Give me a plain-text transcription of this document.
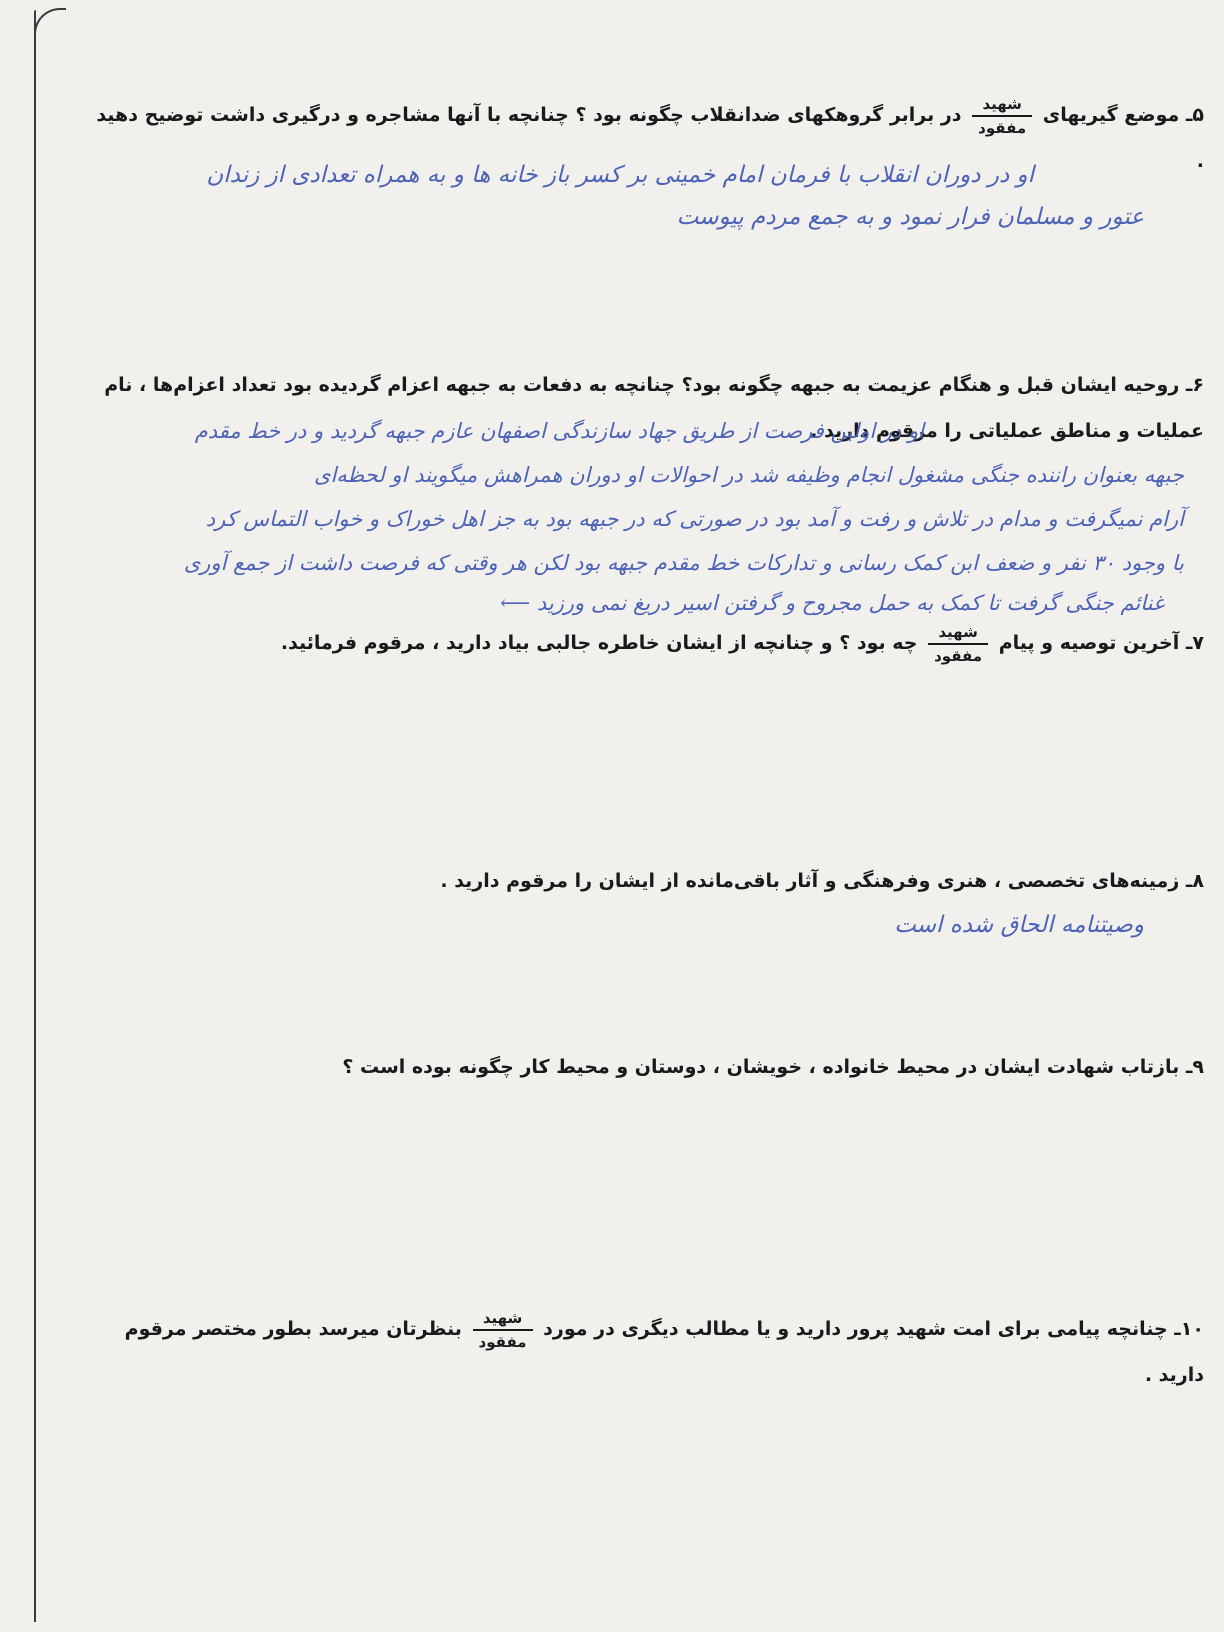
۵ـ موضع گیریهای
$\frac{\text{شهید}}{\text{مفقود}}$
در برابر گروهکهای ضدانقلاب چگونه بود ؟ چنانچه با آنها مشاجره و درگیری داشت توضیح دهید .
او در دوران انقلاب با فرمان امام خمینی بر کسر باز خانه ها و به همراه تعدادی از زندان
عتور و مسلمان فرار نمود و به جمع مردم پیوست
۶ـ روحیه ایشان قبل و هنگام عزیمت به جبهه چگونه بود؟ چنانچه به دفعات به جبهه اعزام گردیده بود تعداد اعزام‌ها ، نام عملیات و مناطق عملیاتی را مرقوم دارید .
او در اولین فرصت از طریق جهاد سازندگی اصفهان عازم جبهه گردید و در خط مقدم
جبهه بعنوان راننده جنگی مشغول انجام وظیفه شد در احوالات او دوران همراهش میگویند او لحظه‌ای
آرام نمیگرفت و مدام در تلاش و رفت و آمد بود در صورتی که در جبهه بود به جز اهل خوراک و خواب التماس کرد
با وجود ۳۰ نفر و ضعف ابن کمک رسانی و تدارکات خط مقدم جبهه بود لکن هر وقتی که فرصت داشت از جمع آوری
غنائم جنگی گرفت تا کمک به حمل مجروح و گرفتن اسیر دریغ نمی ورزید ⟵
۷ـ آخرین توصیه و پیام
$\frac{\text{شهید}}{\text{مفقود}}$
چه بود ؟ و چنانچه از ایشان خاطره جالبی بیاد دارید ، مرقوم فرمائید.
۸ـ زمینه‌های تخصصی ، هنری وفرهنگی و آثار باقی‌مانده از ایشان را مرقوم دارید .
وصیتنامه الحاق شده است
۹ـ بازتاب شهادت ایشان در محیط خانواده ، خویشان ، دوستان و محیط کار چگونه بوده است ؟
۱۰ـ چنانچه پیامی برای امت شهید پرور دارید و یا مطالب دیگری در مورد
$\frac{\text{شهید}}{\text{مفقود}}$
بنظرتان میرسد بطور مختصر مرقوم دارید .
